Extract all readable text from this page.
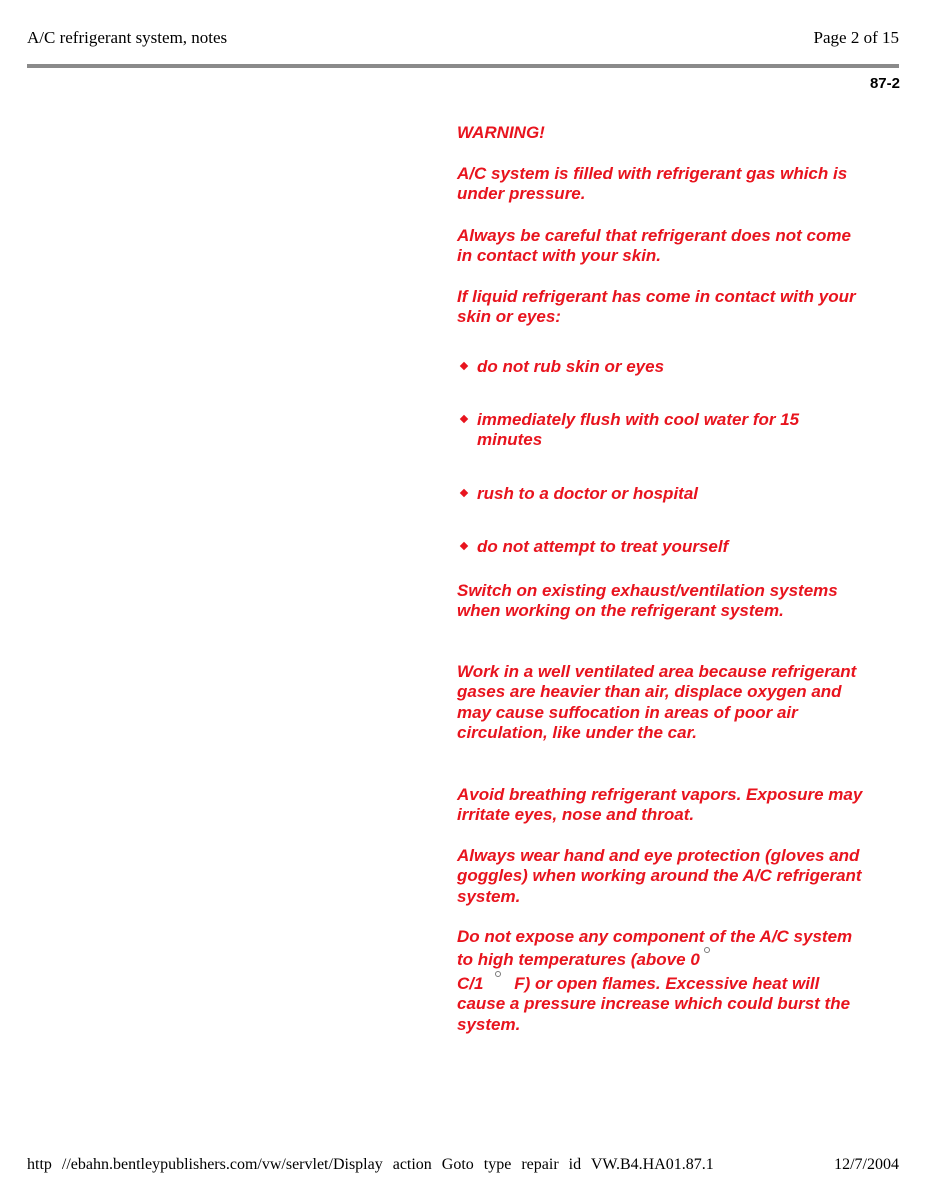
A/C refrigerant system, notes	Page 2 of 15
87-2

WARNING!

A/C system is filled with refrigerant gas which is under pressure.

Always be careful that refrigerant does not come in contact with your skin.

If liquid refrigerant has come in contact with your skin or eyes:

do not rub skin or eyes
immediately flush with cool water for 15 minutes
rush to a doctor or hospital
do not attempt to treat yourself

Switch on existing exhaust/ventilation systems when working on the refrigerant system.

Work in a well ventilated area because refrigerant gases are heavier than air, displace oxygen and may cause suffocation in areas of poor air circulation, like under the car.

Avoid breathing refrigerant vapors. Exposure may irritate eyes, nose and throat.

Always wear hand and eye protection (gloves and goggles) when working around the A/C refrigerant system.

Do not expose any component of the A/C system to high temperatures (above 0
C/1 F) or open flames. Excessive heat will cause a pressure increase which could burst the system.

http //ebahn.bentleypublishers.com/vw/servlet/Display action Goto type repair id VW.B4.HA01.87.1	12/7/2004
